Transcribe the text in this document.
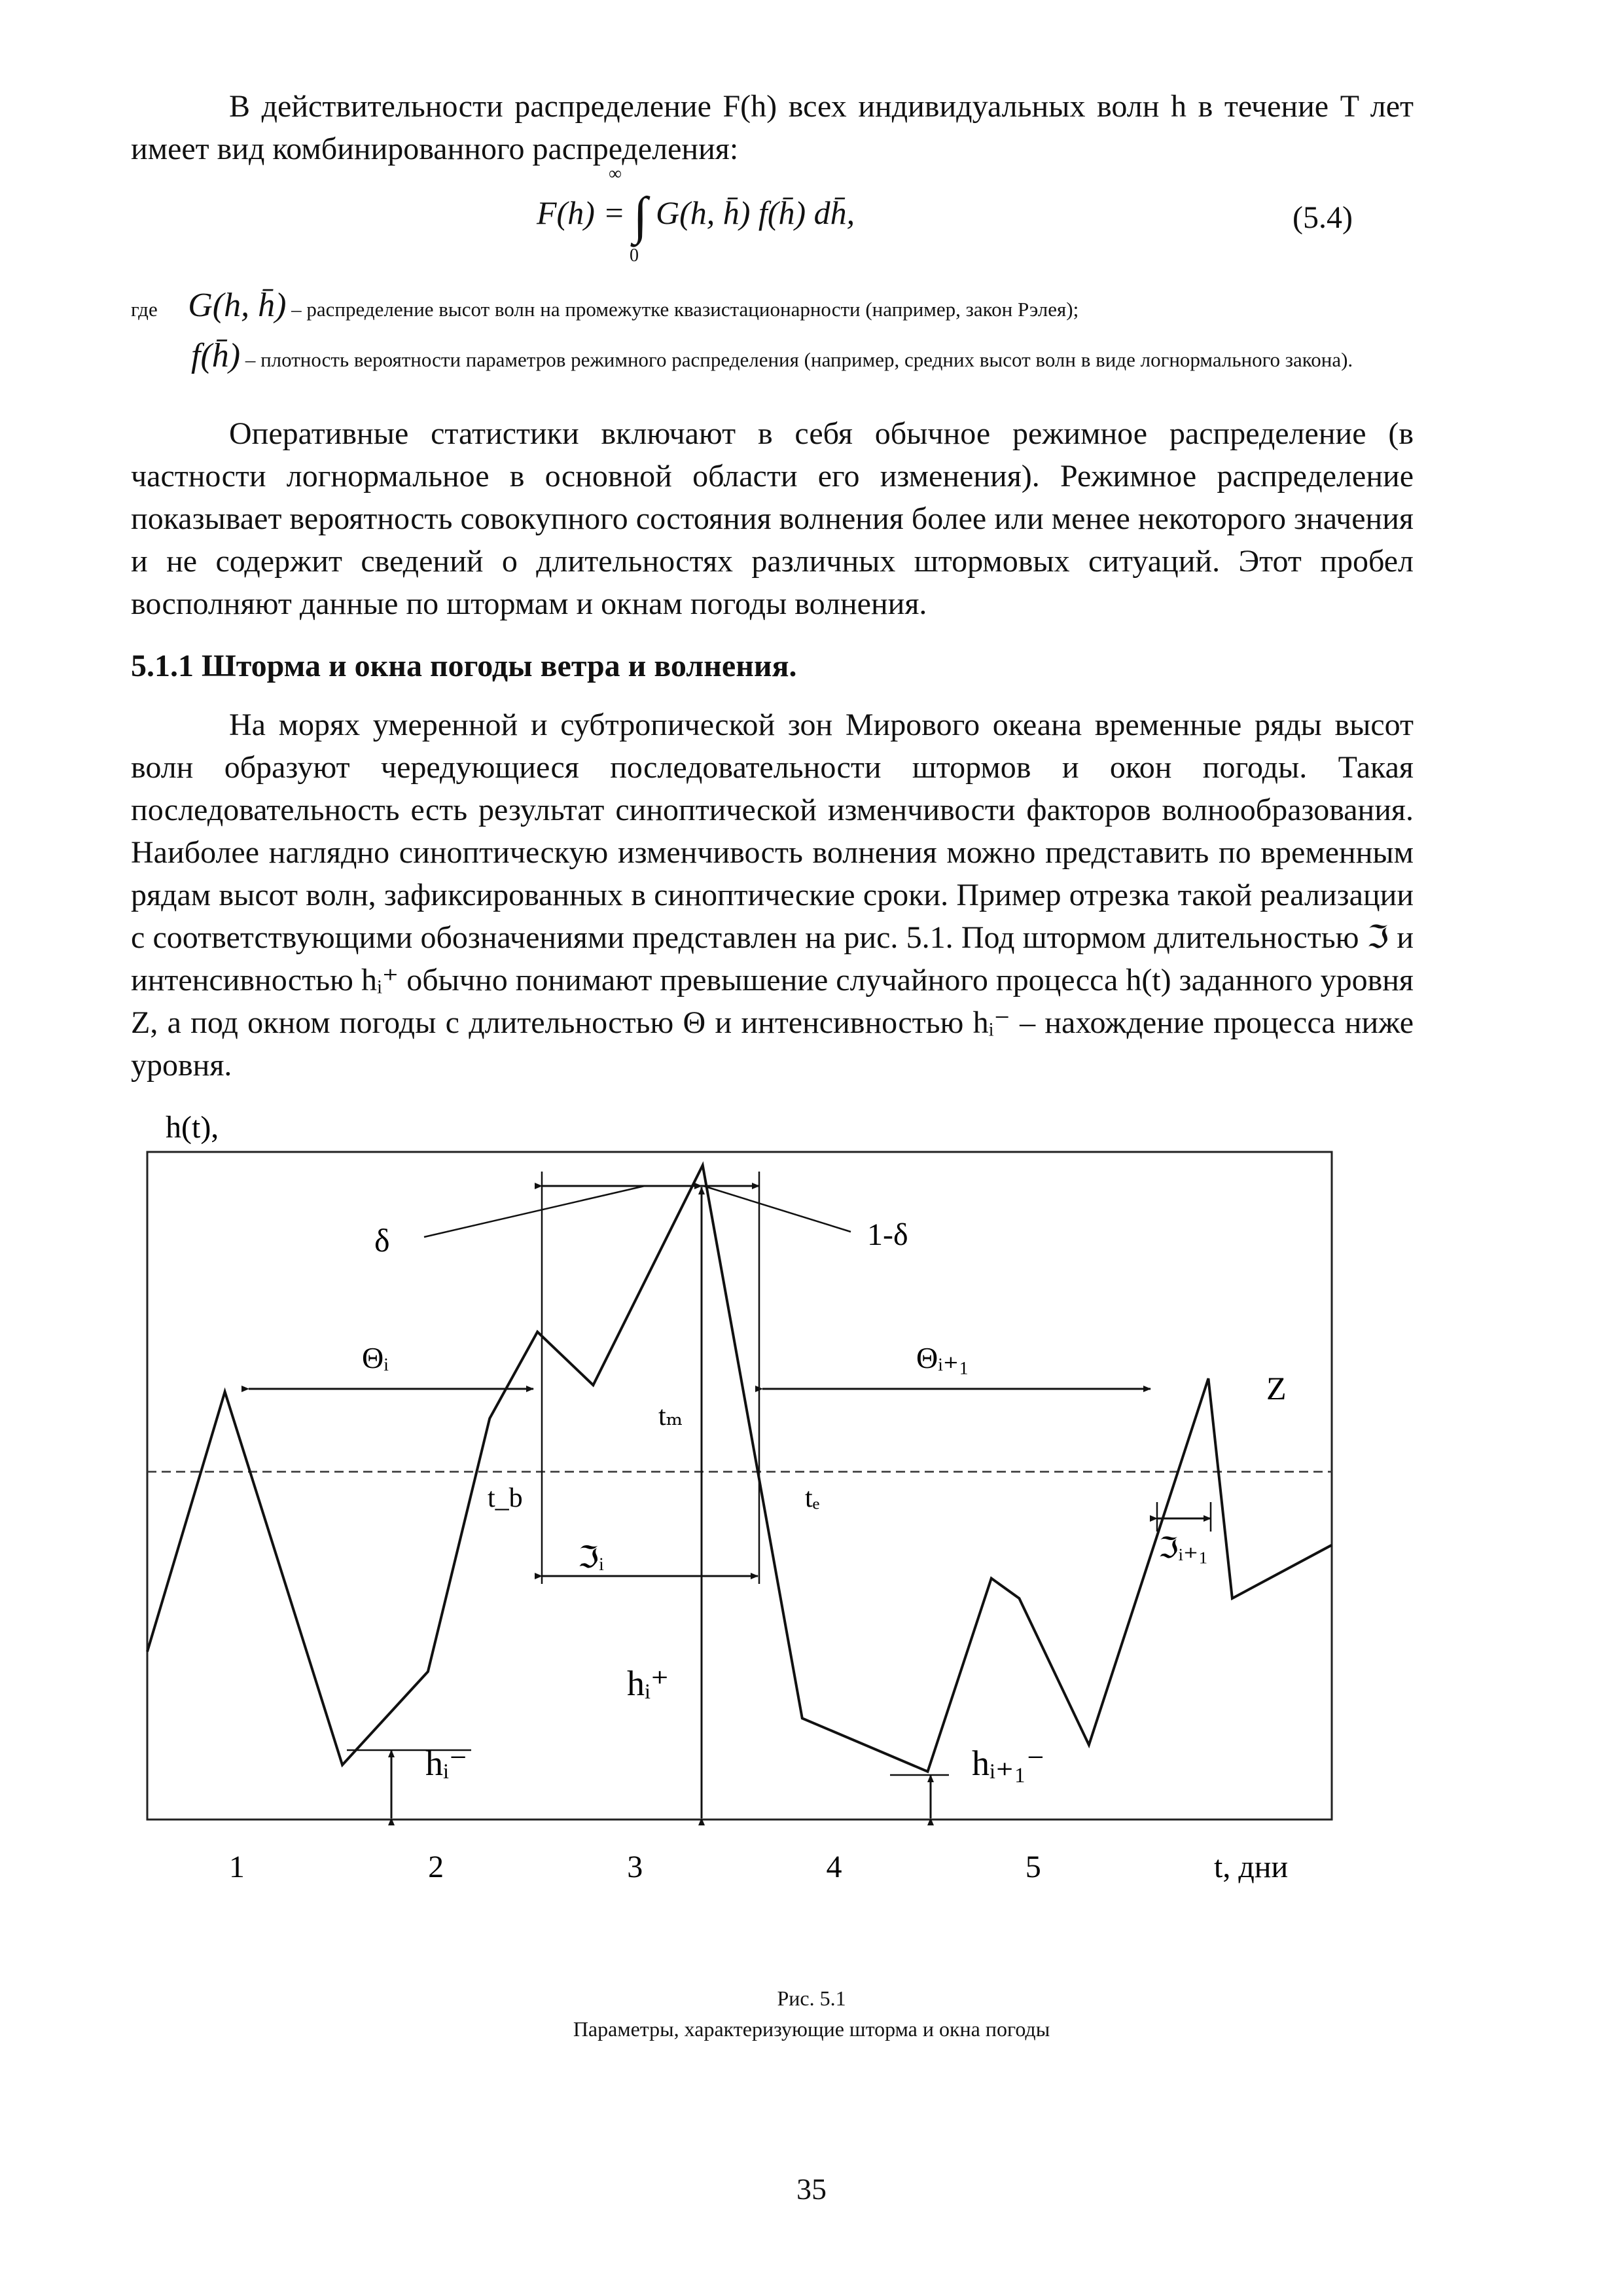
В действительности распределение F(h) всех индивидуальных волн h в течение T лет имеет вид комбинированного распределения:

F(h) = ∫ G(h, h̄) f(h̄) dh̄,
∞
0
(5.4)
где G(h, h̄) – распределение высот волн на промежутке квазистационарности (например, закон Рэлея);
f(h̄) – плотность вероятности параметров режимного распределения (например, средних высот волн в виде логнормального закона).

Оперативные статистики включают в себя обычное режимное распределение (в частности логнормальное в основной области его изменения). Режимное распределение показывает вероятность совокупного состояния волнения более или менее некоторого значения и не содержит сведений о длительностях различных штормовых ситуаций. Этот пробел восполняют данные по штормам и окнам погоды волнения.

5.1.1 Шторма и окна погоды ветра и волнения.

На морях умеренной и субтропической зон Мирового океана временные ряды высот волн образуют чередующиеся последовательности штормов и окон погоды. Такая последовательность есть результат синоптической изменчивости факторов волнообразования. Наиболее наглядно синоптическую изменчивость волнения можно представить по временным рядам высот волн, зафиксированных в синоптические сроки. Пример отрезка такой реализации с соответствующими обозначениями представлен на рис. 5.1. Под штормом длительностью ℑ и интенсивностью hᵢ⁺ обычно понимают превышение случайного процесса h(t) заданного уровня Z, а под окном погоды с длительностью Θ и интенсивностью hᵢ⁻ – нахождение процесса ниже уровня.

h(t),
δ	1-δ
Θᵢ	Θᵢ₊₁
tₘ
t_b	tₑ
Z
ℑᵢ	ℑᵢ₊₁
hᵢ⁺
hᵢ⁻	hᵢ₊₁⁻
1	2	3	4	5	t, дни
Рис. 5.1
Параметры, характеризующие шторма и окна погоды
35
